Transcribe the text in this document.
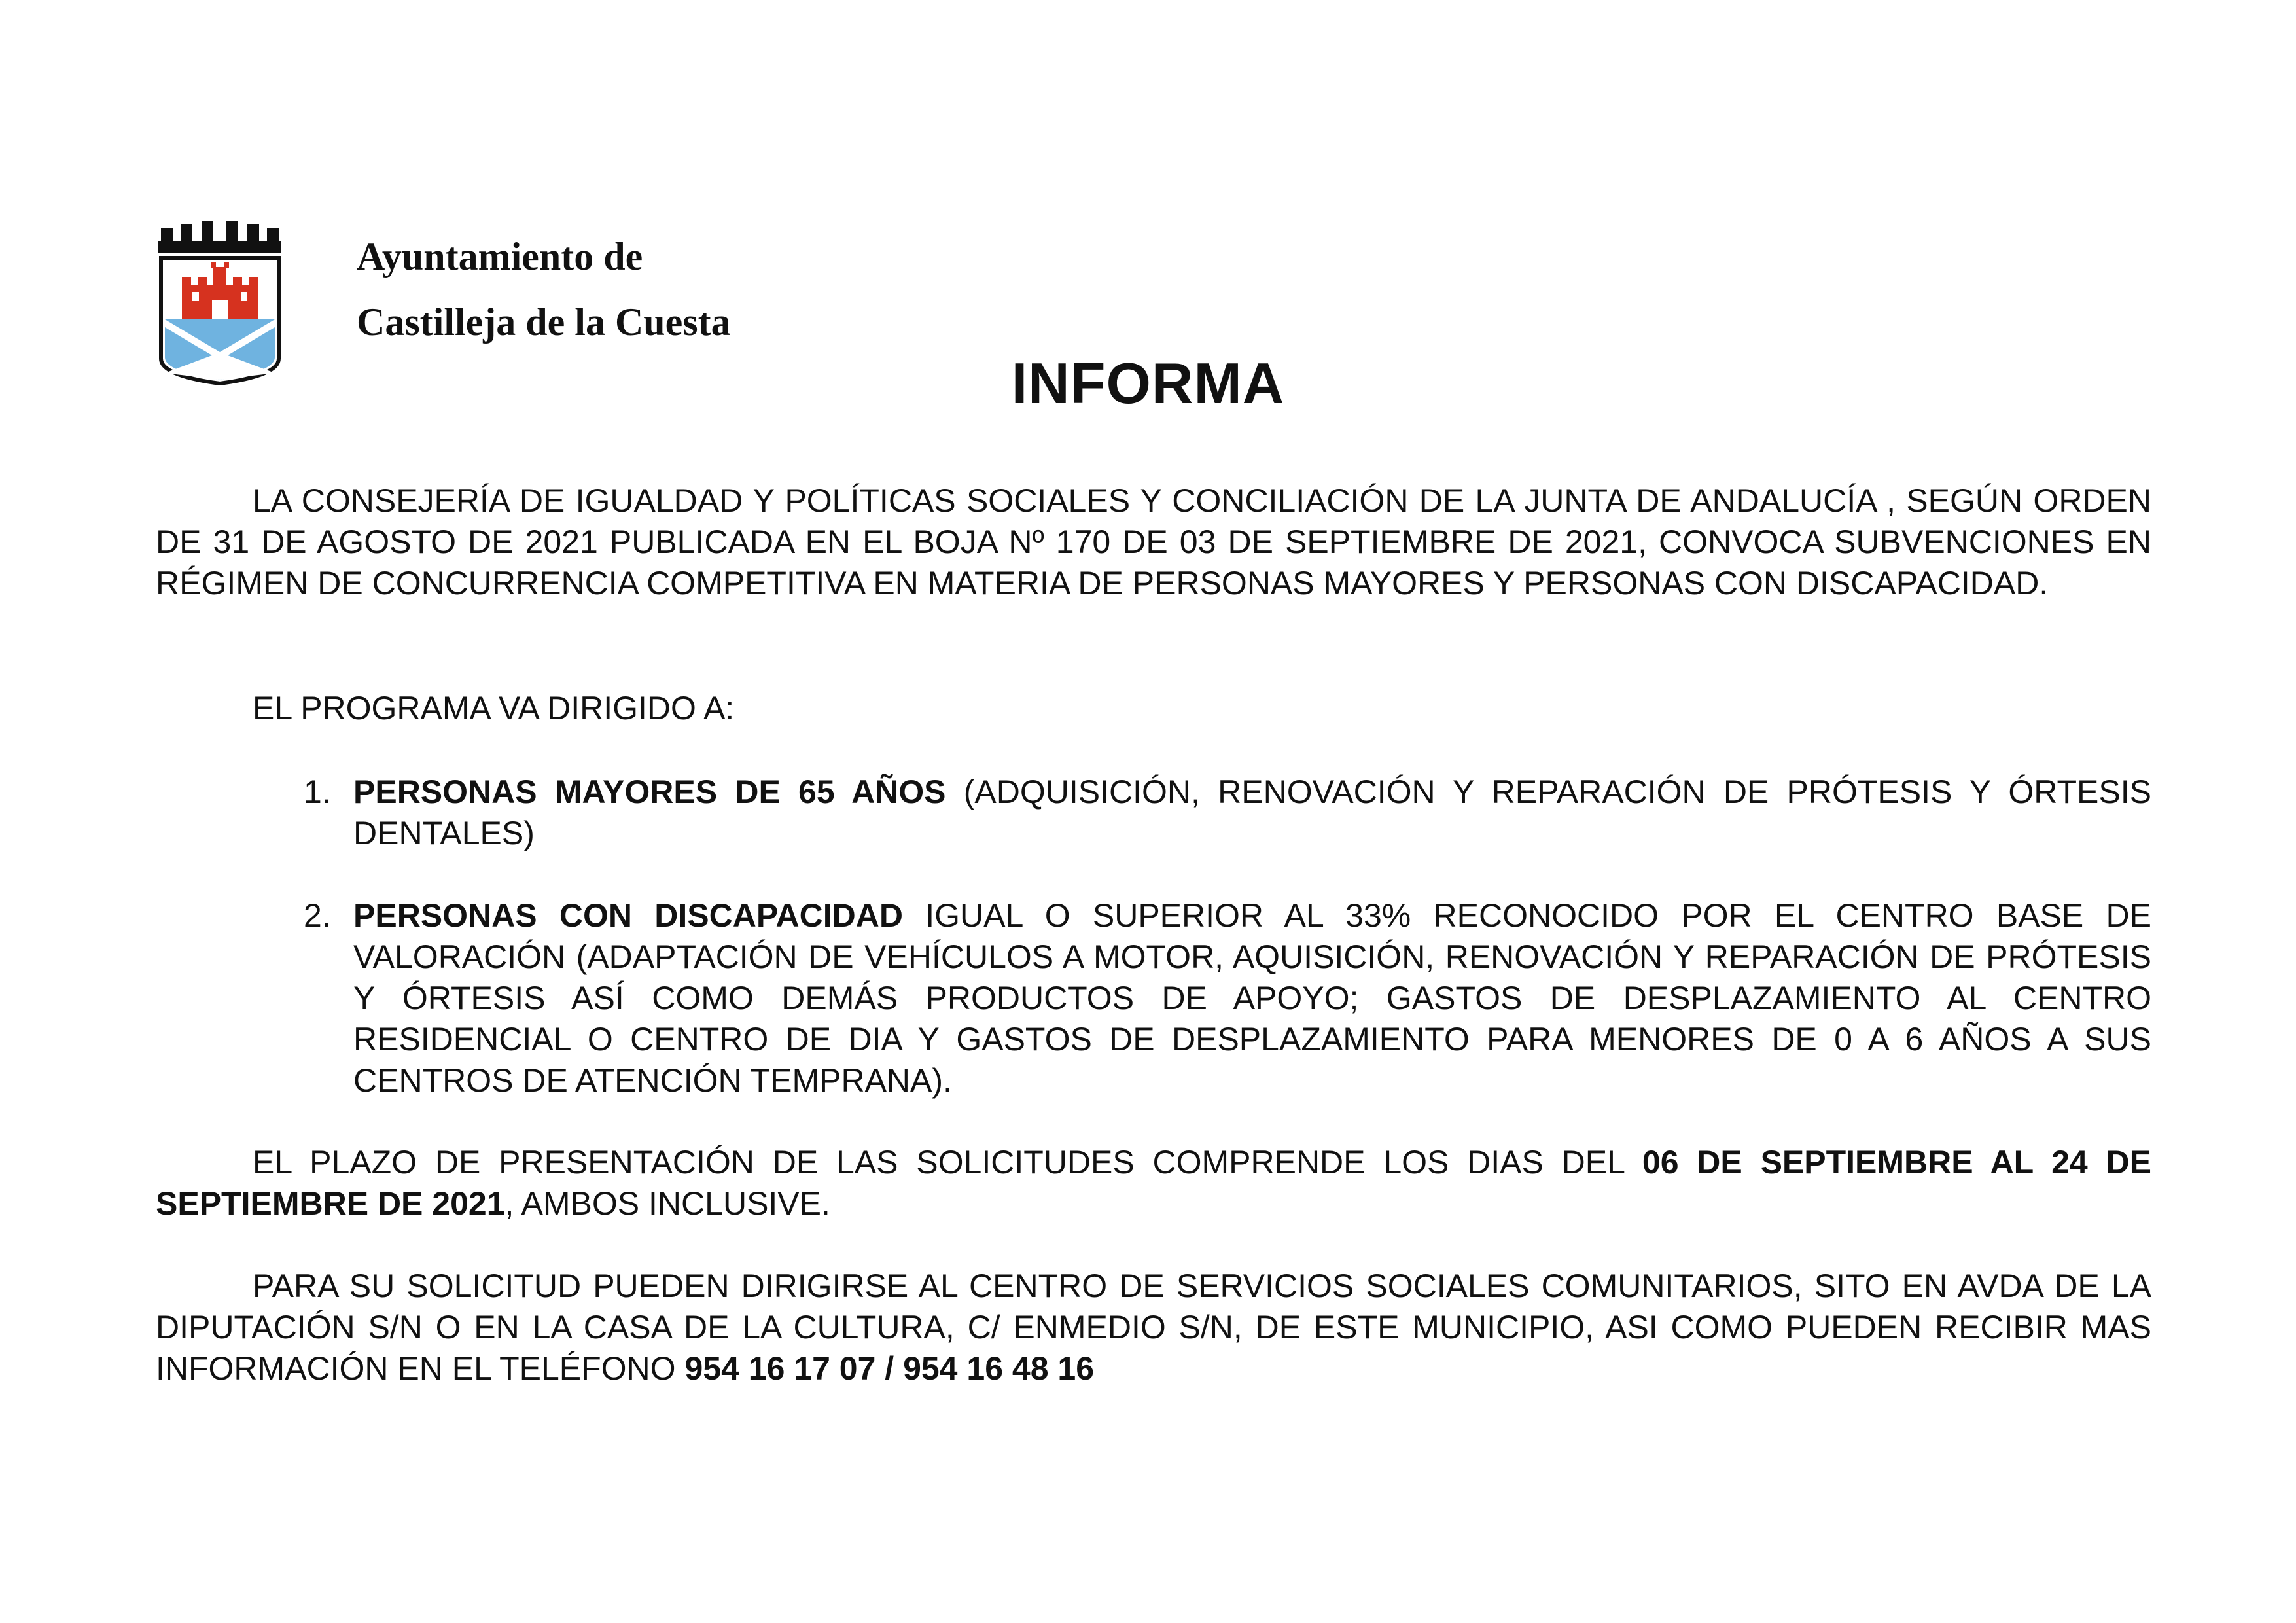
Ayuntamiento de
Castilleja de la Cuesta
INFORMA
LA CONSEJERÍA DE IGUALDAD Y POLÍTICAS SOCIALES Y CONCILIACIÓN DE LA JUNTA DE ANDALUCÍA , SEGÚN ORDEN DE 31 DE AGOSTO DE 2021 PUBLICADA EN EL BOJA Nº 170 DE 03 DE SEPTIEMBRE DE 2021, CONVOCA SUBVENCIONES EN RÉGIMEN DE CONCURRENCIA COMPETITIVA EN MATERIA DE PERSONAS MAYORES Y PERSONAS CON DISCAPACIDAD.
EL PROGRAMA VA DIRIGIDO A:
1. PERSONAS MAYORES DE 65 AÑOS (ADQUISICIÓN, RENOVACIÓN Y REPARACIÓN DE PRÓTESIS Y ÓRTESIS DENTALES)
2. PERSONAS CON DISCAPACIDAD IGUAL O SUPERIOR AL 33% RECONOCIDO POR EL CENTRO BASE DE VALORACIÓN (ADAPTACIÓN DE VEHÍCULOS A MOTOR, AQUISICIÓN, RENOVACIÓN Y REPARACIÓN DE PRÓTESIS Y ÓRTESIS ASÍ COMO DEMÁS PRODUCTOS DE APOYO; GASTOS DE DESPLAZAMIENTO AL CENTRO RESIDENCIAL O CENTRO DE DIA Y GASTOS DE DESPLAZAMIENTO PARA MENORES DE 0 A 6 AÑOS A SUS CENTROS DE ATENCIÓN TEMPRANA).
EL PLAZO DE PRESENTACIÓN DE LAS SOLICITUDES COMPRENDE LOS DIAS DEL 06 DE SEPTIEMBRE AL 24 DE SEPTIEMBRE DE 2021, AMBOS INCLUSIVE.
PARA SU SOLICITUD PUEDEN DIRIGIRSE AL CENTRO DE SERVICIOS SOCIALES COMUNITARIOS, SITO EN AVDA DE LA DIPUTACIÓN S/N O EN LA CASA DE LA CULTURA, C/ ENMEDIO S/N, DE ESTE MUNICIPIO, ASI COMO PUEDEN RECIBIR MAS INFORMACIÓN EN EL TELÉFONO 954 16 17 07 / 954 16 48 16
